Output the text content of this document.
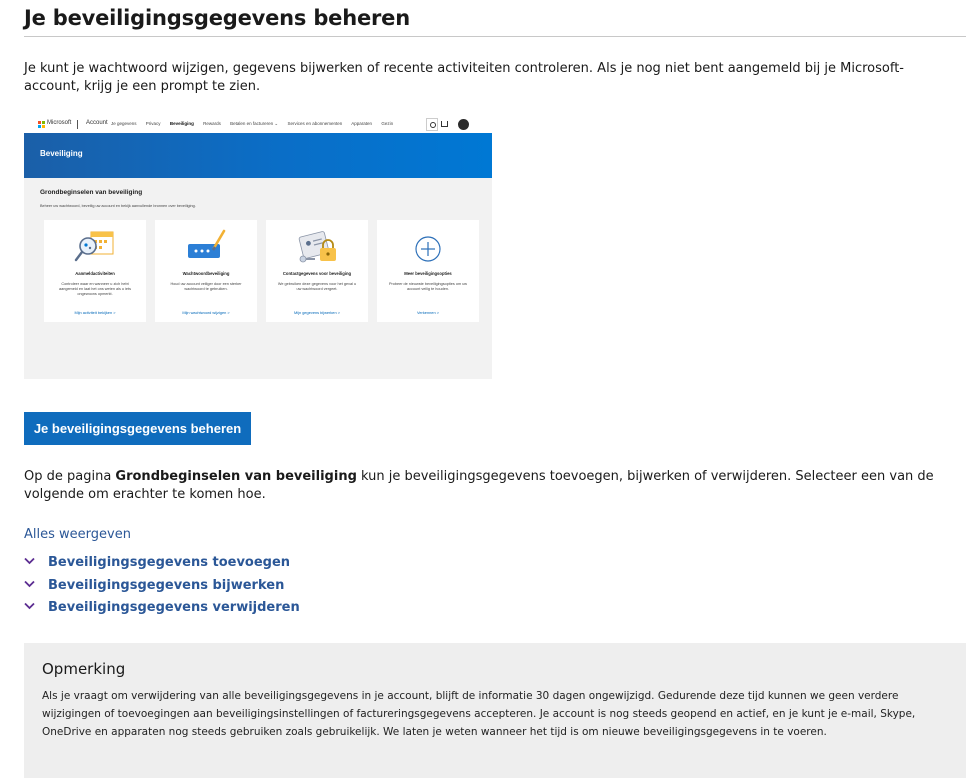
Je beveiligingsgegevens beheren

Je kunt je wachtwoord wijzigen, gegevens bijwerken of recente activiteiten controleren. Als je nog niet bent aangemeld bij je Microsoft-account, krijg je een prompt te zien.

Microsoft Account Je gegevens Privacy Beveiliging Rewards Betalen en factureren ⌄ Services en abonnementen Apparaten Gezin
Beveiliging
Grondbeginselen van beveiliging
Beheer uw wachtwoord, beveilig uw account en bekijk aanvullende bronnen over beveiliging.
Aanmeldactiviteiten
Controleer waar en wanneer u zich hebt aangemeld en laat het ons weten als u iets ongewoons opmerkt.
Mijn activiteit bekijken >
Wachtwoordbeveiliging
Houd uw account veiliger door een sterker wachtwoord te gebruiken.
Mijn wachtwoord wijzigen >
Contactgegevens voor beveiliging
We gebruiken deze gegevens voor het geval u uw wachtwoord vergeet.
Mijn gegevens bijwerken >
Meer beveiligingsopties
Probeer de nieuwste beveiligingsopties om uw account veilig te houden.
Verkennen >
Je beveiligingsgegevens beheren

Op de pagina Grondbeginselen van beveiliging kun je beveiligingsgegevens toevoegen, bijwerken of verwijderen. Selecteer een van de volgende om erachter te komen hoe.

Alles weergeven
Beveiligingsgegevens toevoegen
Beveiligingsgegevens bijwerken
Beveiligingsgegevens verwijderen
Opmerking

Als je vraagt om verwijdering van alle beveiligingsgegevens in je account, blijft de informatie 30 dagen ongewijzigd. Gedurende deze tijd kunnen we geen verdere wijzigingen of toevoegingen aan beveiligingsinstellingen of factureringsgegevens accepteren. Je account is nog steeds geopend en actief, en je kunt je e-mail, Skype, OneDrive en apparaten nog steeds gebruiken zoals gebruikelijk. We laten je weten wanneer het tijd is om nieuwe beveiligingsgegevens in te voeren.
